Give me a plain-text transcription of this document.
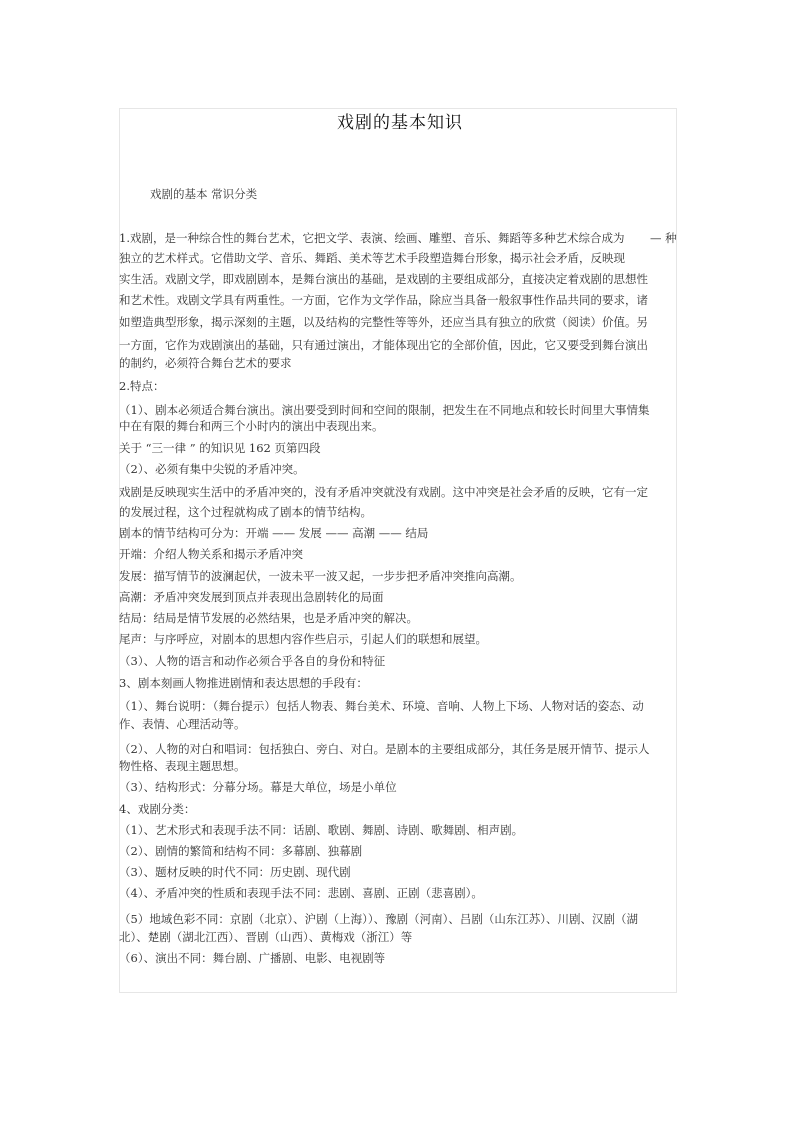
戏剧的基本知识
戏剧的基本 常识分类
1.戏剧，是一种综合性的舞台艺术，它把文学、表演、绘画、雕塑、音乐、舞蹈等多种艺术综合成为 — 种
独立的艺术样式。它借助文学、音乐、舞蹈、美术等艺术手段塑造舞台形象，揭示社会矛盾，反映现
实生活。戏剧文学，即戏剧剧本，是舞台演出的基础，是戏剧的主要组成部分，直接决定着戏剧的思想性
和艺术性。戏剧文学具有两重性。一方面，它作为文学作品，除应当具备一般叙事性作品共同的要求，诸
如塑造典型形象，揭示深刻的主题，以及结构的完整性等等外，还应当具有独立的欣赏（阅读）价值。另
一方面，它作为戏剧演出的基础，只有通过演出，才能体现出它的全部价值，因此，它又要受到舞台演出
的制约，必须符合舞台艺术的要求
2.特点：
（1）、剧本必须适合舞台演出。演出要受到时间和空间的限制，把发生在不同地点和较长时间里大事情集
中在有限的舞台和两三个小时内的演出中表现出来。
关于 “三一律 ” 的知识见 162 页第四段
（2）、必须有集中尖锐的矛盾冲突。
戏剧是反映现实生活中的矛盾冲突的，没有矛盾冲突就没有戏剧。这中冲突是社会矛盾的反映，它有一定
的发展过程，这个过程就构成了剧本的情节结构。
剧本的情节结构可分为：开端 —— 发展 —— 高潮 —— 结局
开端：介绍人物关系和揭示矛盾冲突
发展：描写情节的波澜起伏，一波未平一波又起，一步步把矛盾冲突推向高潮。
高潮：矛盾冲突发展到顶点并表现出急剧转化的局面
结局：结局是情节发展的必然结果，也是矛盾冲突的解决。
尾声：与序呼应，对剧本的思想内容作些启示，引起人们的联想和展望。
（3）、人物的语言和动作必须合乎各自的身份和特征
3、剧本刻画人物推进剧情和表达思想的手段有：
（1）、舞台说明：（舞台提示）包括人物表、舞台美术、环境、音响、人物上下场、人物对话的姿态、动
作、表情、心理活动等。
（2）、人物的对白和唱词：包括独白、旁白、对白。是剧本的主要组成部分，其任务是展开情节、提示人
物性格、表现主题思想。
（3）、结构形式：分幕分场。幕是大单位，场是小单位
4、戏剧分类：
（1）、艺术形式和表现手法不同：话剧、歌剧、舞剧、诗剧、歌舞剧、相声剧。
（2）、剧情的繁简和结构不同：多幕剧、独幕剧
（3）、题材反映的时代不同：历史剧、现代剧
（4）、矛盾冲突的性质和表现手法不同：悲剧、喜剧、正剧（悲喜剧）。
（5）地域色彩不同：京剧（北京）、沪剧（上海））、豫剧（河南）、吕剧（山东江苏）、川剧、汉剧（湖
北）、楚剧（湖北江西）、晋剧（山西）、黄梅戏（浙江）等
（6）、演出不同：舞台剧、广播剧、电影、电视剧等
